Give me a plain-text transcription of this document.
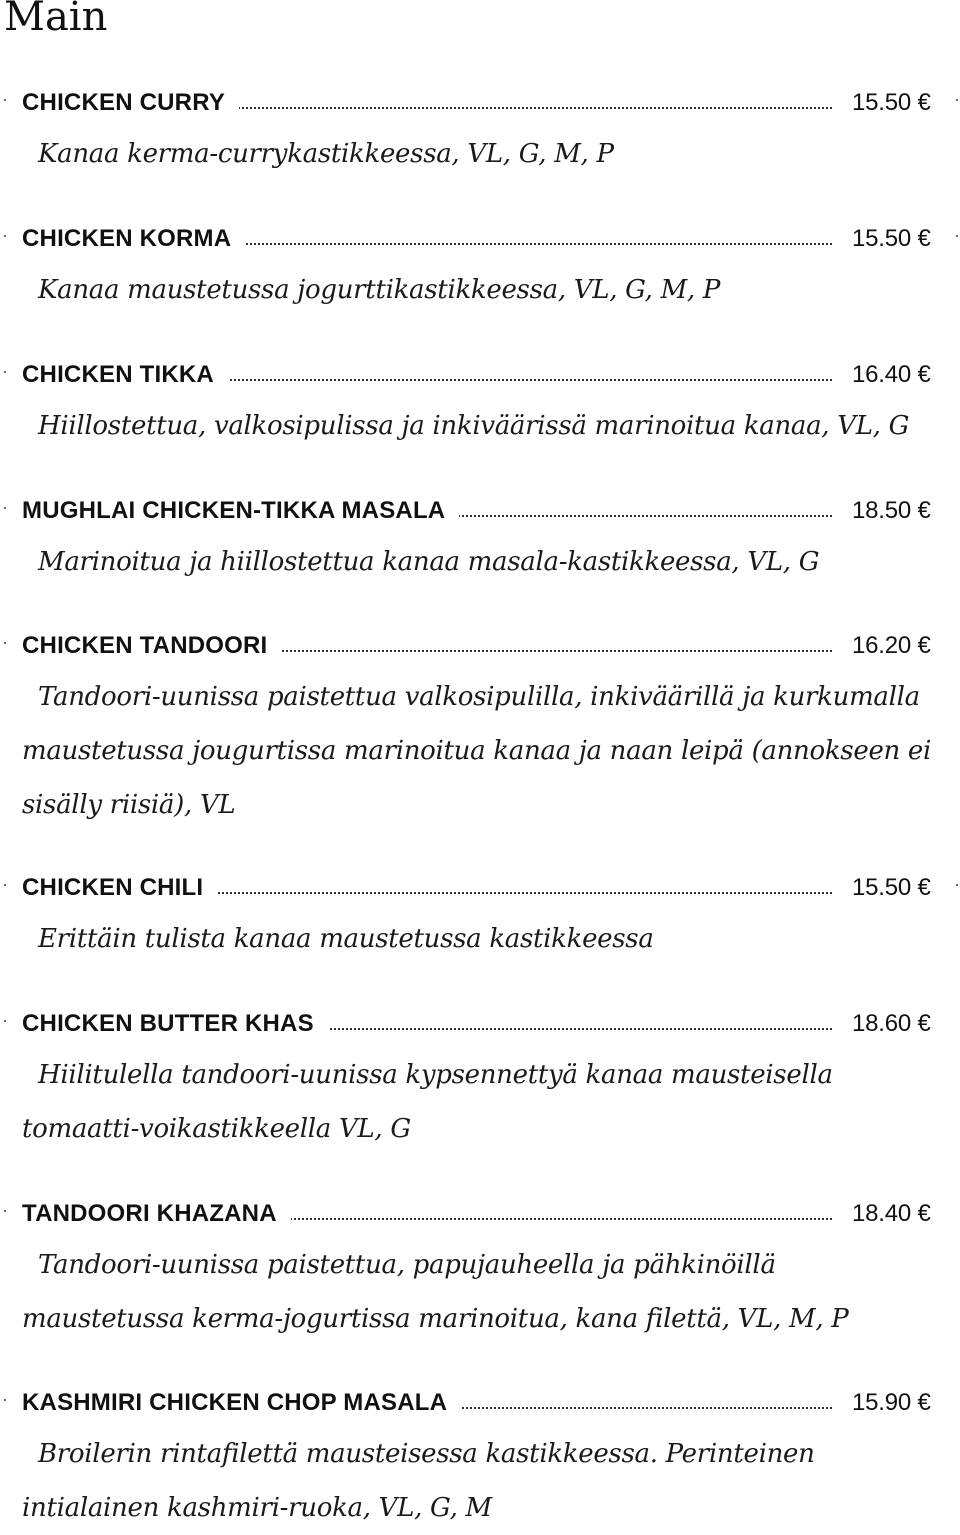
Main
CHICKEN CURRY	15.50 €
Kanaa kerma-currykastikkeessa, VL, G, M, P
CHICKEN KORMA	15.50 €
Kanaa maustetussa jogurttikastikkeessa, VL, G, M, P
CHICKEN TIKKA	16.40 €
Hiillostettua, valkosipulissa ja inkiväärissä marinoitua kanaa, VL, G
MUGHLAI CHICKEN-TIKKA MASALA	18.50 €
Marinoitua ja hiillostettua kanaa masala-kastikkeessa, VL, G
CHICKEN TANDOORI	16.20 €
Tandoori-uunissa paistettua valkosipulilla, inkiväärillä ja kurkumalla maustetussa jougurtissa marinoitua kanaa ja naan leipä (annokseen ei sisälly riisiä), VL
CHICKEN CHILI	15.50 €
Erittäin tulista kanaa maustetussa kastikkeessa
CHICKEN BUTTER KHAS	18.60 €
Hiilitulella tandoori-uunissa kypsennettyä kanaa mausteisella tomaatti-voikastikkeella VL, G
TANDOORI KHAZANA	18.40 €
Tandoori-uunissa paistettua, papujauheella ja pähkinöillä maustetussa kerma-jogurtissa marinoitua, kana filettä, VL, M, P
KASHMIRI CHICKEN CHOP MASALA	15.90 €
Broilerin rintafilettä mausteisessa kastikkeessa. Perinteinen intialainen kashmiri-ruoka, VL, G, M
